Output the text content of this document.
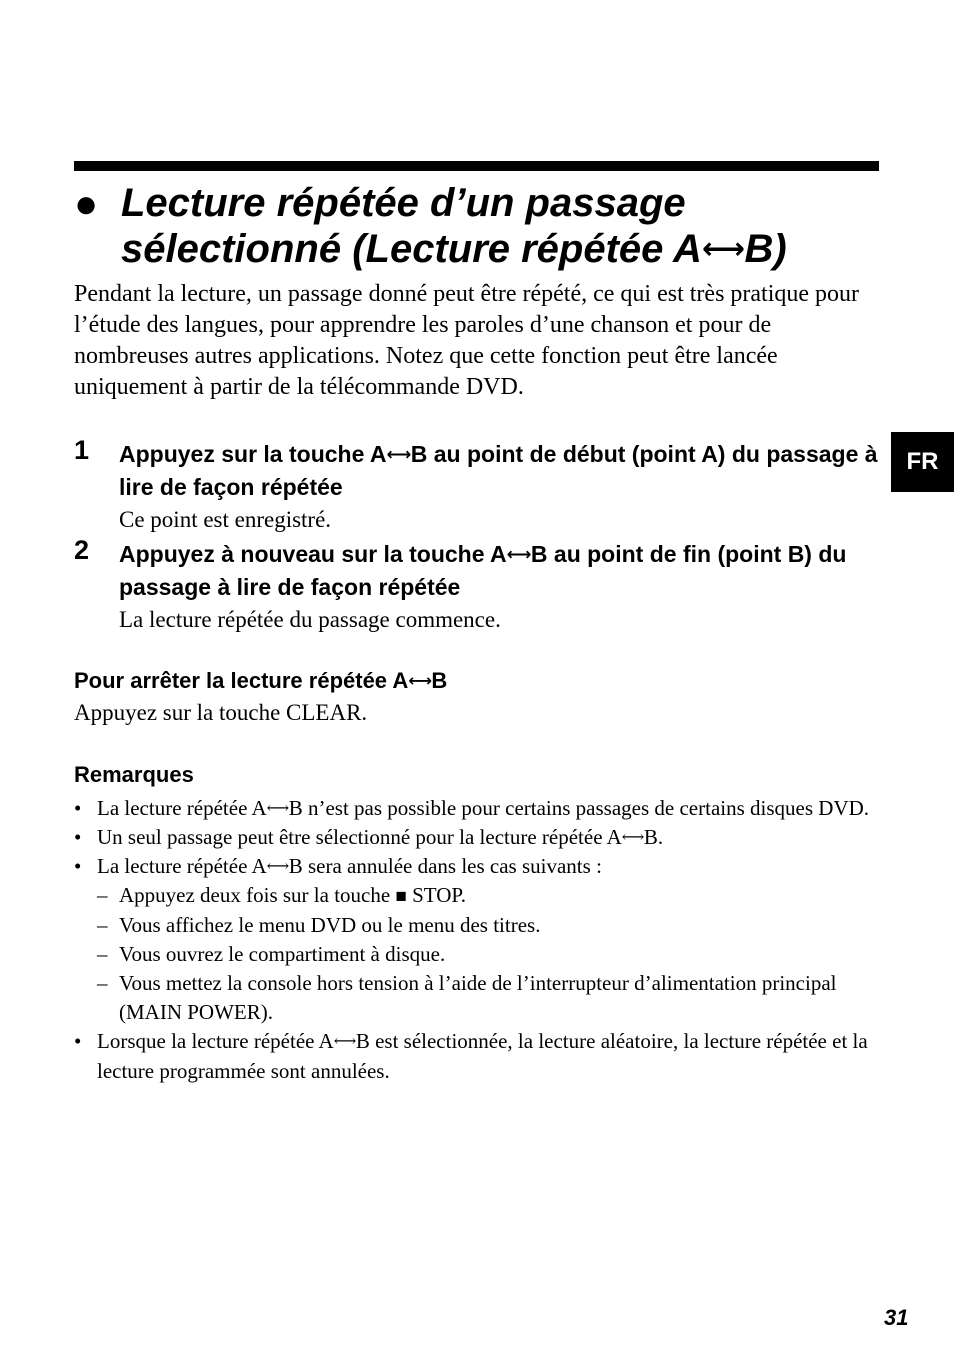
● Lecture répétée d’un passage
sélectionné (Lecture répétée A⟷B)

Pendant la lecture, un passage donné peut être répété, ce qui est très pratique pour l’étude des langues, pour apprendre les paroles d’une chanson et pour de nombreuses autres applications. Notez que cette fonction peut être lancée uniquement à partir de la télécommande DVD.

1 Appuyez sur la touche A⟷B au point de début (point A) du passage à lire de façon répétée

Ce point est enregistré.

2 Appuyez à nouveau sur la touche A⟷B au point de fin (point B) du passage à lire de façon répétée

La lecture répétée du passage commence.

Pour arrêter la lecture répétée A⟷B

Appuyez sur la touche CLEAR.

Remarques
• La lecture répétée A⟷B n’est pas possible pour certains passages de certains disques DVD.
• Un seul passage peut être sélectionné pour la lecture répétée A⟷B.
• La lecture répétée A⟷B sera annulée dans les cas suivants :
– Appuyez deux fois sur la touche ■ STOP.
– Vous affichez le menu DVD ou le menu des titres.
– Vous ouvrez le compartiment à disque.
– Vous mettez la console hors tension à l’aide de l’interrupteur d’alimentation principal (MAIN POWER).
• Lorsque la lecture répétée A⟷B est sélectionnée, la lecture aléatoire, la lecture répétée et la lecture programmée sont annulées.
FR
31
